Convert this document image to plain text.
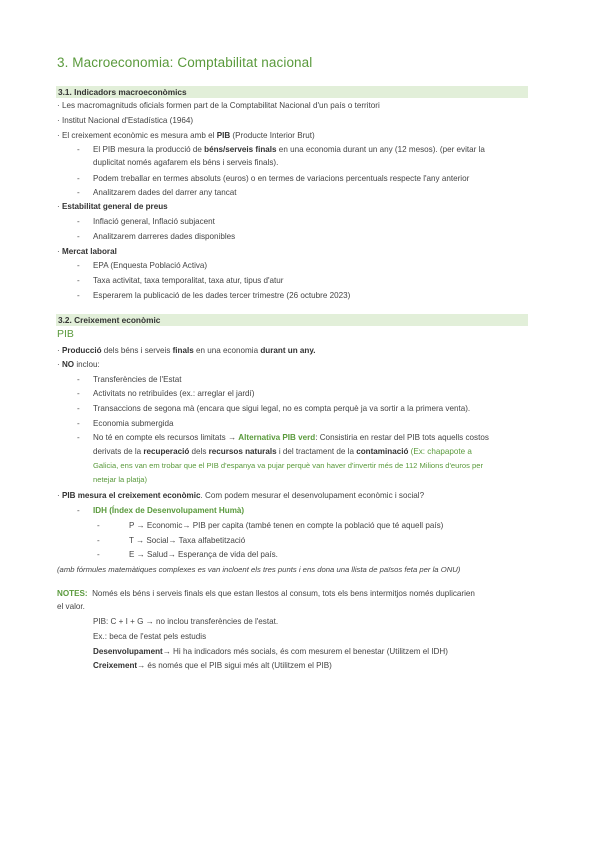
3. Macroeconomia: Comptabilitat nacional
3.1. Indicadors macroeconòmics
· Les macromagnituds oficials formen part de la Comptabilitat Nacional d'un país o territori
· Institut Nacional d'Estadística (1964)
· El creixement econòmic es mesura amb el PIB (Producte Interior Brut)
- El PIB mesura la producció de béns/serveis finals en una economia durant un any (12 mesos). (per evitar la
duplicitat només agafarem els béns i serveis finals).
- Podem treballar en termes absoluts (euros) o en termes de variacions percentuals respecte l'any anterior
- Analitzarem dades del darrer any tancat
· Estabilitat general de preus
- Inflació general, Inflació subjacent
- Analitzarem darreres dades disponibles
· Mercat laboral
- EPA (Enquesta Població Activa)
- Taxa activitat, taxa temporalitat, taxa atur, tipus d'atur
- Esperarem la publicació de les dades tercer trimestre (26 octubre 2023)
3.2. Creixement econòmic
PIB
· Producció dels béns i serveis finals en una economia durant un any.
· NO inclou:
- Transferències de l'Estat
- Activitats no retribuïdes (ex.: arreglar el jardí)
- Transaccions de segona mà (encara que sigui legal, no es compta perquè ja va sortir a la primera venta).
- Economia submergida
- No té en compte els recursos limitats → Alternativa PIB verd: Consistiria en restar del PIB tots aquells costos
derivats de la recuperació dels recursos naturals i del tractament de la contaminació (Ex: chapapote a
Galicia, ens van em trobar que el PIB d'espanya va pujar perquè van haver d'invertir més de 112 Milions d'euros per
netejar la platja)
· PIB mesura el creixement econòmic. Com podem mesurar el desenvolupament econòmic i social?
- IDH (Índex de Desenvolupament Humà)
-	P → Economic→ PIB per capita (també tenen en compte la població que té aquell país)
-	T → Social→ Taxa alfabetització
-	E → Salud→ Esperança de vida del país.
(amb fórmules matemàtiques complexes es van incloent els tres punts i ens dona una llista de països feta per la ONU)
NOTES: Només els béns i serveis finals els que estan llestos al consum, tots els bens intermitjos només duplicarien
el valor.
PIB: C + I + G → no inclou transferències de l'estat.
Ex.: beca de l'estat pels estudis
Desenvolupament→ Hi ha indicadors més socials, és com mesurem el benestar (Utilitzem el IDH)
Creixement→ és només que el PIB sigui més alt (Utilitzem el PIB)
